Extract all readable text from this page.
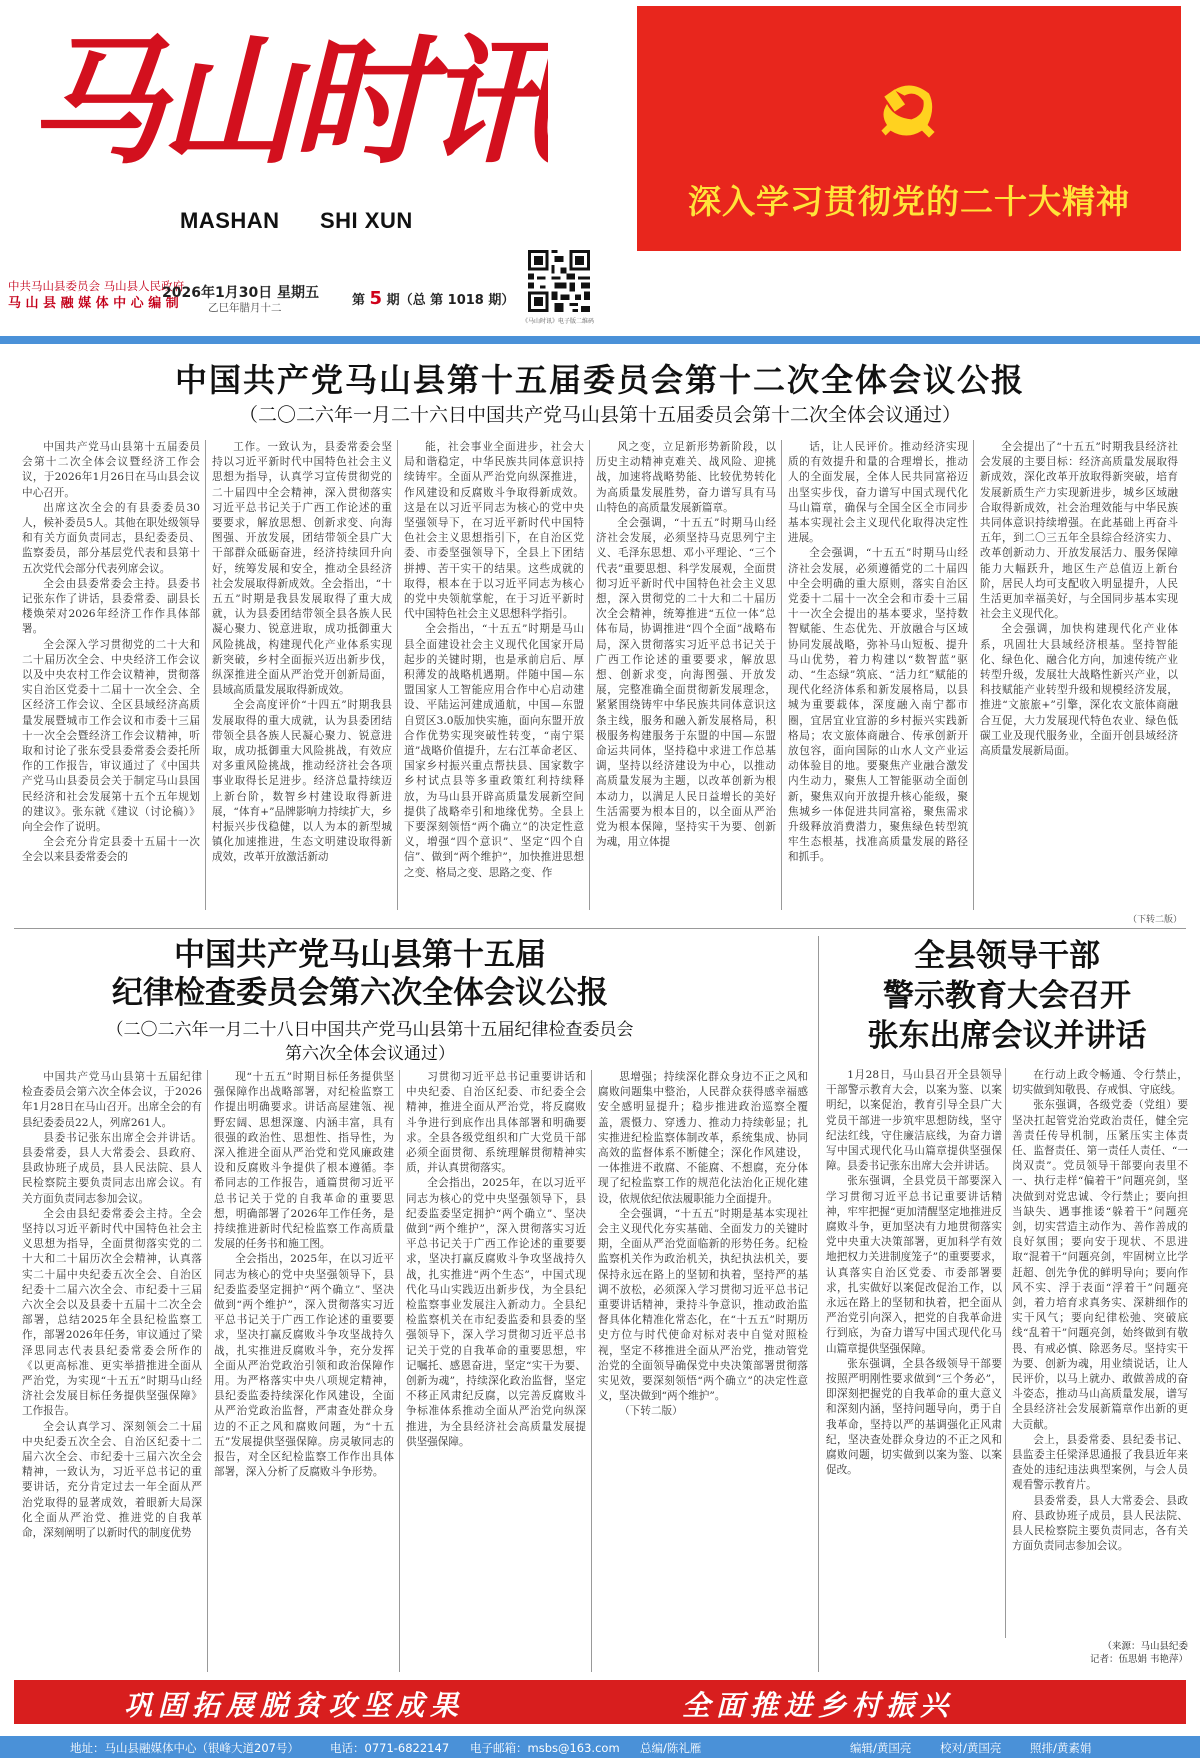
马山时讯
MASHAN SHI XUN	深入学习贯彻党的二十大精神
中共马山县委员会 马山县人民政府
马 山 县 融 媒 体 中 心 编 制
2026年1月30日 星期五
乙巳年腊月十二	第 5 期（总 第 1018 期）
《马山时讯》电子版二维码
中国共产党马山县第十五届委员会第十二次全体会议公报
（二〇二六年一月二十六日中国共产党马山县第十五届委员会第十二次全体会议通过）

中国共产党马山县第十五届委员会第十二次全体会议暨经济工作会议，于2026年1月26日在马山县会议中心召开。

出席这次全会的有县委委员30人，候补委员5人。其他在职处级领导和有关方面负责同志，县纪委委员、监察委员，部分基层党代表和县第十五次党代会部分代表列席会议。

全会由县委常委会主持。县委书记张东作了讲话，县委常委、副县长楼焕荣对2026年经济工作作具体部署。

全会深入学习贯彻党的二十大和二十届历次全会、中央经济工作会议以及中央农村工作会议精神，贯彻落实自治区党委十二届十一次全会、全区经济工作会议、全区县域经济高质量发展暨城市工作会议和市委十三届十一次全会暨经济工作会议精神，听取和讨论了张东受县委常委会委托所作的工作报告，审议通过了《中国共产党马山县委员会关于制定马山县国民经济和社会发展第十五个五年规划的建议》。张东就《建议（讨论稿）》向全会作了说明。

全会充分肯定县委十五届十一次全会以来县委常委会的

工作。一致认为，县委常委会坚持以习近平新时代中国特色社会主义思想为指导，认真学习宣传贯彻党的二十届四中全会精神，深入贯彻落实习近平总书记关于广西工作论述的重要要求，解放思想、创新求变、向海图强、开放发展，团结带领全县广大干部群众砥砺奋进，经济持续回升向好，统筹发展和安全，推动全县经济社会发展取得新成效。全会指出，“十五五”时期是我县发展取得了重大成就，认为县委团结带领全县各族人民凝心聚力、锐意进取，成功抵御重大风险挑战，构建现代化产业体系实现新突破，乡村全面振兴迈出新步伐，纵深推进全面从严治党开创新局面，县域高质量发展取得新成效。

全会高度评价“十四五”时期我县发展取得的重大成就，认为县委团结带领全县各族人民凝心聚力、锐意进取，成功抵御重大风险挑战，有效应对多重风险挑战，推动经济社会各项事业取得长足进步。经济总量持续迈上新台阶，数智乡村建设取得新进展，“体育+”品牌影响力持续扩大，乡村振兴步伐稳健，以人为本的新型城镇化加速推进，生态文明建设取得新成效，改革开放激活新动

能，社会事业全面进步，社会大局和谐稳定，中华民族共同体意识持续铸牢。全面从严治党向纵深推进，作风建设和反腐败斗争取得新成效。这是在以习近平同志为核心的党中央坚强领导下，在习近平新时代中国特色社会主义思想指引下，在自治区党委、市委坚强领导下，全县上下团结拼搏、苦干实干的结果。这些成就的取得，根本在于以习近平同志为核心的党中央领航掌舵，在于习近平新时代中国特色社会主义思想科学指引。

全会指出，“十五五”时期是马山县全面建设社会主义现代化国家开局起步的关键时期，也是承前启后、厚积薄发的战略机遇期。伴随中国—东盟国家人工智能应用合作中心启动建设、平陆运河建成通航，中国—东盟自贸区3.0版加快实施，面向东盟开放合作优势实现突破性转变，“南宁渠道”战略价值提升，左右江革命老区、国家乡村振兴重点帮扶县、国家数字乡村试点县等多重政策红利持续释放，为马山县开辟高质量发展新空间提供了战略牵引和地缘优势。全县上下要深刻领悟“两个确立”的决定性意义，增强“四个意识”、坚定“四个自信”、做到“两个维护”，加快推进思想之变、格局之变、思路之变、作

风之变，立足新形势新阶段，以历史主动精神克难关、战风险、迎挑战，加速将战略势能、比较优势转化为高质量发展胜势，奋力谱写具有马山特色的高质量发展新篇章。

全会强调，“十五五”时期马山经济社会发展，必须坚持马克思列宁主义、毛泽东思想、邓小平理论、“三个代表”重要思想、科学发展观，全面贯彻习近平新时代中国特色社会主义思想，深入贯彻党的二十大和二十届历次全会精神，统筹推进“五位一体”总体布局，协调推进“四个全面”战略布局，深入贯彻落实习近平总书记关于广西工作论述的重要要求，解放思想、创新求变，向海图强、开放发展，完整准确全面贯彻新发展理念，紧紧围绕铸牢中华民族共同体意识这条主线，服务和融入新发展格局，积极服务构建服务于东盟的中国—东盟命运共同体，坚持稳中求进工作总基调，坚持以经济建设为中心，以推动高质量发展为主题，以改革创新为根本动力，以满足人民日益增长的美好生活需要为根本目的，以全面从严治党为根本保障，坚持实干为要、创新为魂，用立体提

话，让人民评价。推动经济实现质的有效提升和量的合理增长，推动人的全面发展，全体人民共同富裕迈出坚实步伐，奋力谱写中国式现代化马山篇章，确保与全国全区全市同步基本实现社会主义现代化取得决定性进展。

全会强调，“十五五”时期马山经济社会发展，必须遵循党的二十届四中全会明确的重大原则，落实自治区党委十二届十一次全会和市委十三届十一次全会提出的基本要求，坚持数智赋能、生态优先、开放融合与区域协同发展战略，弥补马山短板、提升马山优势，着力构建以“数智蓝”驱动、“生态绿”筑底、“活力红”赋能的现代化经济体系和新发展格局，以县城为重要载体，深度融入南宁都市圈，宜居宜业宜游的乡村振兴实践新格局；农文旅体商融合、传承创新开放包容，面向国际的山水人文产业运动体验目的地。要聚焦产业融合激发内生动力，聚焦人工智能驱动全面创新，聚焦双向开放提升核心能级，聚焦城乡一体促进共同富裕，聚焦需求升级释放消费潜力，聚焦绿色转型筑牢生态根基，找准高质量发展的路径和抓手。

全会提出了“十五五”时期我县经济社会发展的主要目标：经济高质量发展取得新成效，深化改革开放取得新突破，培育发展新质生产力实现新进步，城乡区域融合取得新成效，社会治理效能与中华民族共同体意识持续增强。在此基础上再奋斗五年，到二〇三五年全县综合经济实力、改革创新动力、开放发展活力、服务保障能力大幅跃升，地区生产总值迈上新台阶，居民人均可支配收入明显提升，人民生活更加幸福美好，与全国同步基本实现社会主义现代化。

全会强调，加快构建现代化产业体系，巩固壮大县域经济根基。坚持智能化、绿色化、融合化方向，加速传统产业转型升级，发展壮大战略性新兴产业，以科技赋能产业转型升级和规模经济发展，推进“文旅旅+”引擎，深化农文旅体商融合互促，大力发展现代特色农业、绿色低碳工业及现代服务业，全面开创县域经济高质量发展新局面。

（下转二版）
中国共产党马山县第十五届
纪律检查委员会第六次全体会议公报
（二〇二六年一月二十八日中国共产党马山县第十五届纪律检查委员会
第六次全体会议通过）

中国共产党马山县第十五届纪律检查委员会第六次全体会议，于2026年1月28日在马山召开。出席全会的有县纪委委员22人，列席261人。

县委书记张东出席全会并讲话。县委常委，县人大常委会、县政府、县政协班子成员，县人民法院、县人民检察院主要负责同志出席会议。有关方面负责同志参加会议。

全会由县纪委常委会主持。全会坚持以习近平新时代中国特色社会主义思想为指导，全面贯彻落实党的二十大和二十届历次全会精神，认真落实二十届中央纪委五次全会、自治区纪委十二届六次全会、市纪委十三届六次全会以及县委十五届十二次全会部署，总结2025年全县纪检监察工作，部署2026年任务，审议通过了梁泽思同志代表县纪委常委会所作的《以更高标准、更实举措推进全面从严治党，为实现“十五五”时期马山经济社会发展目标任务提供坚强保障》工作报告。

全会认真学习、深刻领会二十届中央纪委五次全会、自治区纪委十二届六次全会、市纪委十三届六次全会精神，一致认为，习近平总书记的重要讲话，充分肯定过去一年全面从严治党取得的显著成效，着眼新大局深化全面从严治党、推进党的自我革命，深刻阐明了以新时代的制度优势

现“十五五”时期目标任务提供坚强保障作出战略部署，对纪检监察工作提出明确要求。讲话高屋建瓴、视野宏阔、思想深邃、内涵丰富，具有很强的政治性、思想性、指导性，为深入推进全面从严治党和党风廉政建设和反腐败斗争提供了根本遵循。李希同志的工作报告，通篇贯彻习近平总书记关于党的自我革命的重要思想，明确部署了2026年工作任务，是持续推进新时代纪检监察工作高质量发展的任务书和施工图。

全会指出，2025年，在以习近平同志为核心的党中央坚强领导下，县纪委监委坚定拥护“两个确立”、坚决做到“两个维护”，深入贯彻落实习近平总书记关于广西工作论述的重要要求，坚决打赢反腐败斗争攻坚战持久战，扎实推进反腐败斗争，充分发挥全面从严治党政治引领和政治保障作用。为严格落实中央八项规定精神，县纪委监委持续深化作风建设，全面从严治党政治监督，严肃查处群众身边的不正之风和腐败问题，为“十五五”发展提供坚强保障。房灵敏同志的报告，对全区纪检监察工作作出具体部署，深入分析了反腐败斗争形势。

习贯彻习近平总书记重要讲话和中央纪委、自治区纪委、市纪委全会精神，推进全面从严治党，将反腐败斗争进行到底作出具体部署和明确要求。全县各级党组织和广大党员干部必须全面贯彻、系统理解贯彻精神实质，并认真贯彻落实。

全会指出，2025年，在以习近平同志为核心的党中央坚强领导下，县纪委监委坚定拥护“两个确立”、坚决做到“两个维护”，深入贯彻落实习近平总书记关于广西工作论述的重要要求，坚决打赢反腐败斗争攻坚战持久战，扎实推进“两个生态”，中国式现代化马山实践迈出新步伐，为全县纪检监察事业发展注入新动力。全县纪检监察机关在市纪委监委和县委的坚强领导下，深入学习贯彻习近平总书记关于党的自我革命的重要思想，牢记嘱托、感恩奋进，坚定“实干为要、创新为魂”，持续深化政治监督，坚定不移正风肃纪反腐，以完善反腐败斗争标准体系推动全面从严治党向纵深推进，为全县经济社会高质量发展提供坚强保障。

思增强；持续深化群众身边不正之风和腐败问题集中整治，人民群众获得感幸福感安全感明显提升；稳步推进政治巡察全覆盖，震慑力、穿透力、推动力持续彰显；扎实推进纪检监察体制改革，系统集成、协同高效的监督体系不断健全；深化作风建设，一体推进不敢腐、不能腐、不想腐，充分体现了纪检监察工作的规范化法治化正规化建设，依规依纪依法履职能力全面提升。

全会强调，“十五五”时期是基本实现社会主义现代化夯实基础、全面发力的关键时期，全面从严治党面临新的形势任务。纪检监察机关作为政治机关，执纪执法机关，要保持永远在路上的坚韧和执着，坚持严的基调不放松，必须深入学习贯彻习近平总书记重要讲话精神，秉持斗争意识，推动政治监督具体化精准化常态化，在“十五五”时期历史方位与时代使命对标对表中自觉对照检视，坚定不移推进全面从严治党，推动管党治党的全面领导确保党中央决策部署贯彻落实见效，要深刻领悟“两个确立”的决定性意义，坚决做到“两个维护”。

（下转二版）

全县领导干部
警示教育大会召开
张东出席会议并讲话

1月28日，马山县召开全县领导干部警示教育大会，以案为鉴、以案明纪，以案促治，教育引导全县广大党员干部进一步筑牢思想防线，坚守纪法红线，守住廉洁底线，为奋力谱写中国式现代化马山篇章提供坚强保障。县委书记张东出席大会并讲话。

张东强调，全县党员干部要深入学习贯彻习近平总书记重要讲话精神，牢牢把握“更加清醒坚定地推进反腐败斗争，更加坚决有力地贯彻落实党中央重大决策部署，更加科学有效地把权力关进制度笼子”的重要要求，认真落实自治区党委、市委部署要求，扎实做好以案促改促治工作，以永远在路上的坚韧和执着，把全面从严治党引向深入，把党的自我革命进行到底，为奋力谱写中国式现代化马山篇章提供坚强保障。

张东强调，全县各级领导干部要按照严明刚性要求做到“三个务必”，即深刻把握党的自我革命的重大意义和深刻内涵，坚持问题导向，勇于自我革命，坚持以严的基调强化正风肃纪，坚决查处群众身边的不正之风和腐败问题，切实做到以案为鉴、以案促改。

在行动上政令畅通、令行禁止，切实做到知敬畏、存戒惧、守底线。

张东强调，各级党委（党组）要坚决扛起管党治党政治责任，健全完善责任传导机制，压紧压实主体责任、监督责任、第一责任人责任、“一岗双责”。党员领导干部要向表里不一、执行走样“偏着干”问题亮剑，坚决做到对党忠诚、令行禁止；要向担当缺失、遇事推诿“躲着干”问题亮剑，切实营造主动作为、善作善成的良好氛围；要向安于现状、不思进取“混着干”问题亮剑，牢固树立比学赶超、创先争优的鲜明导向；要向作风不实、浮于表面“浮着干”问题亮剑，着力培育求真务实、深耕细作的实干风气；要向纪律松弛、突破底线“乱着干”问题亮剑，始终做到有敬畏、有戒必慎、除恶务尽。坚持实干为要、创新为魂，用业绩说话，让人民评价，以马上就办、敢做善成的奋斗姿态，推动马山高质量发展，谱写全县经济社会发展新篇章作出新的更大贡献。

会上，县委常委、县纪委书记、县监委主任梁泽思通报了我县近年来查处的违纪违法典型案例，与会人员观看警示教育片。

县委常委，县人大常委会、县政府、县政协班子成员，县人民法院、县人民检察院主要负责同志，各有关方面负责同志参加会议。

（来源：马山县纪委
记者：伍思娟 韦艳萍）
巩固拓展脱贫攻坚成果	全面推进乡村振兴
地址：马山县融媒体中心（银峰大道207号）	电话：0771-6822147 电子邮箱：msbs@163.com 总编/陈礼雁	编辑/黄国亮 校对/黄国亮 照排/黄素娟
